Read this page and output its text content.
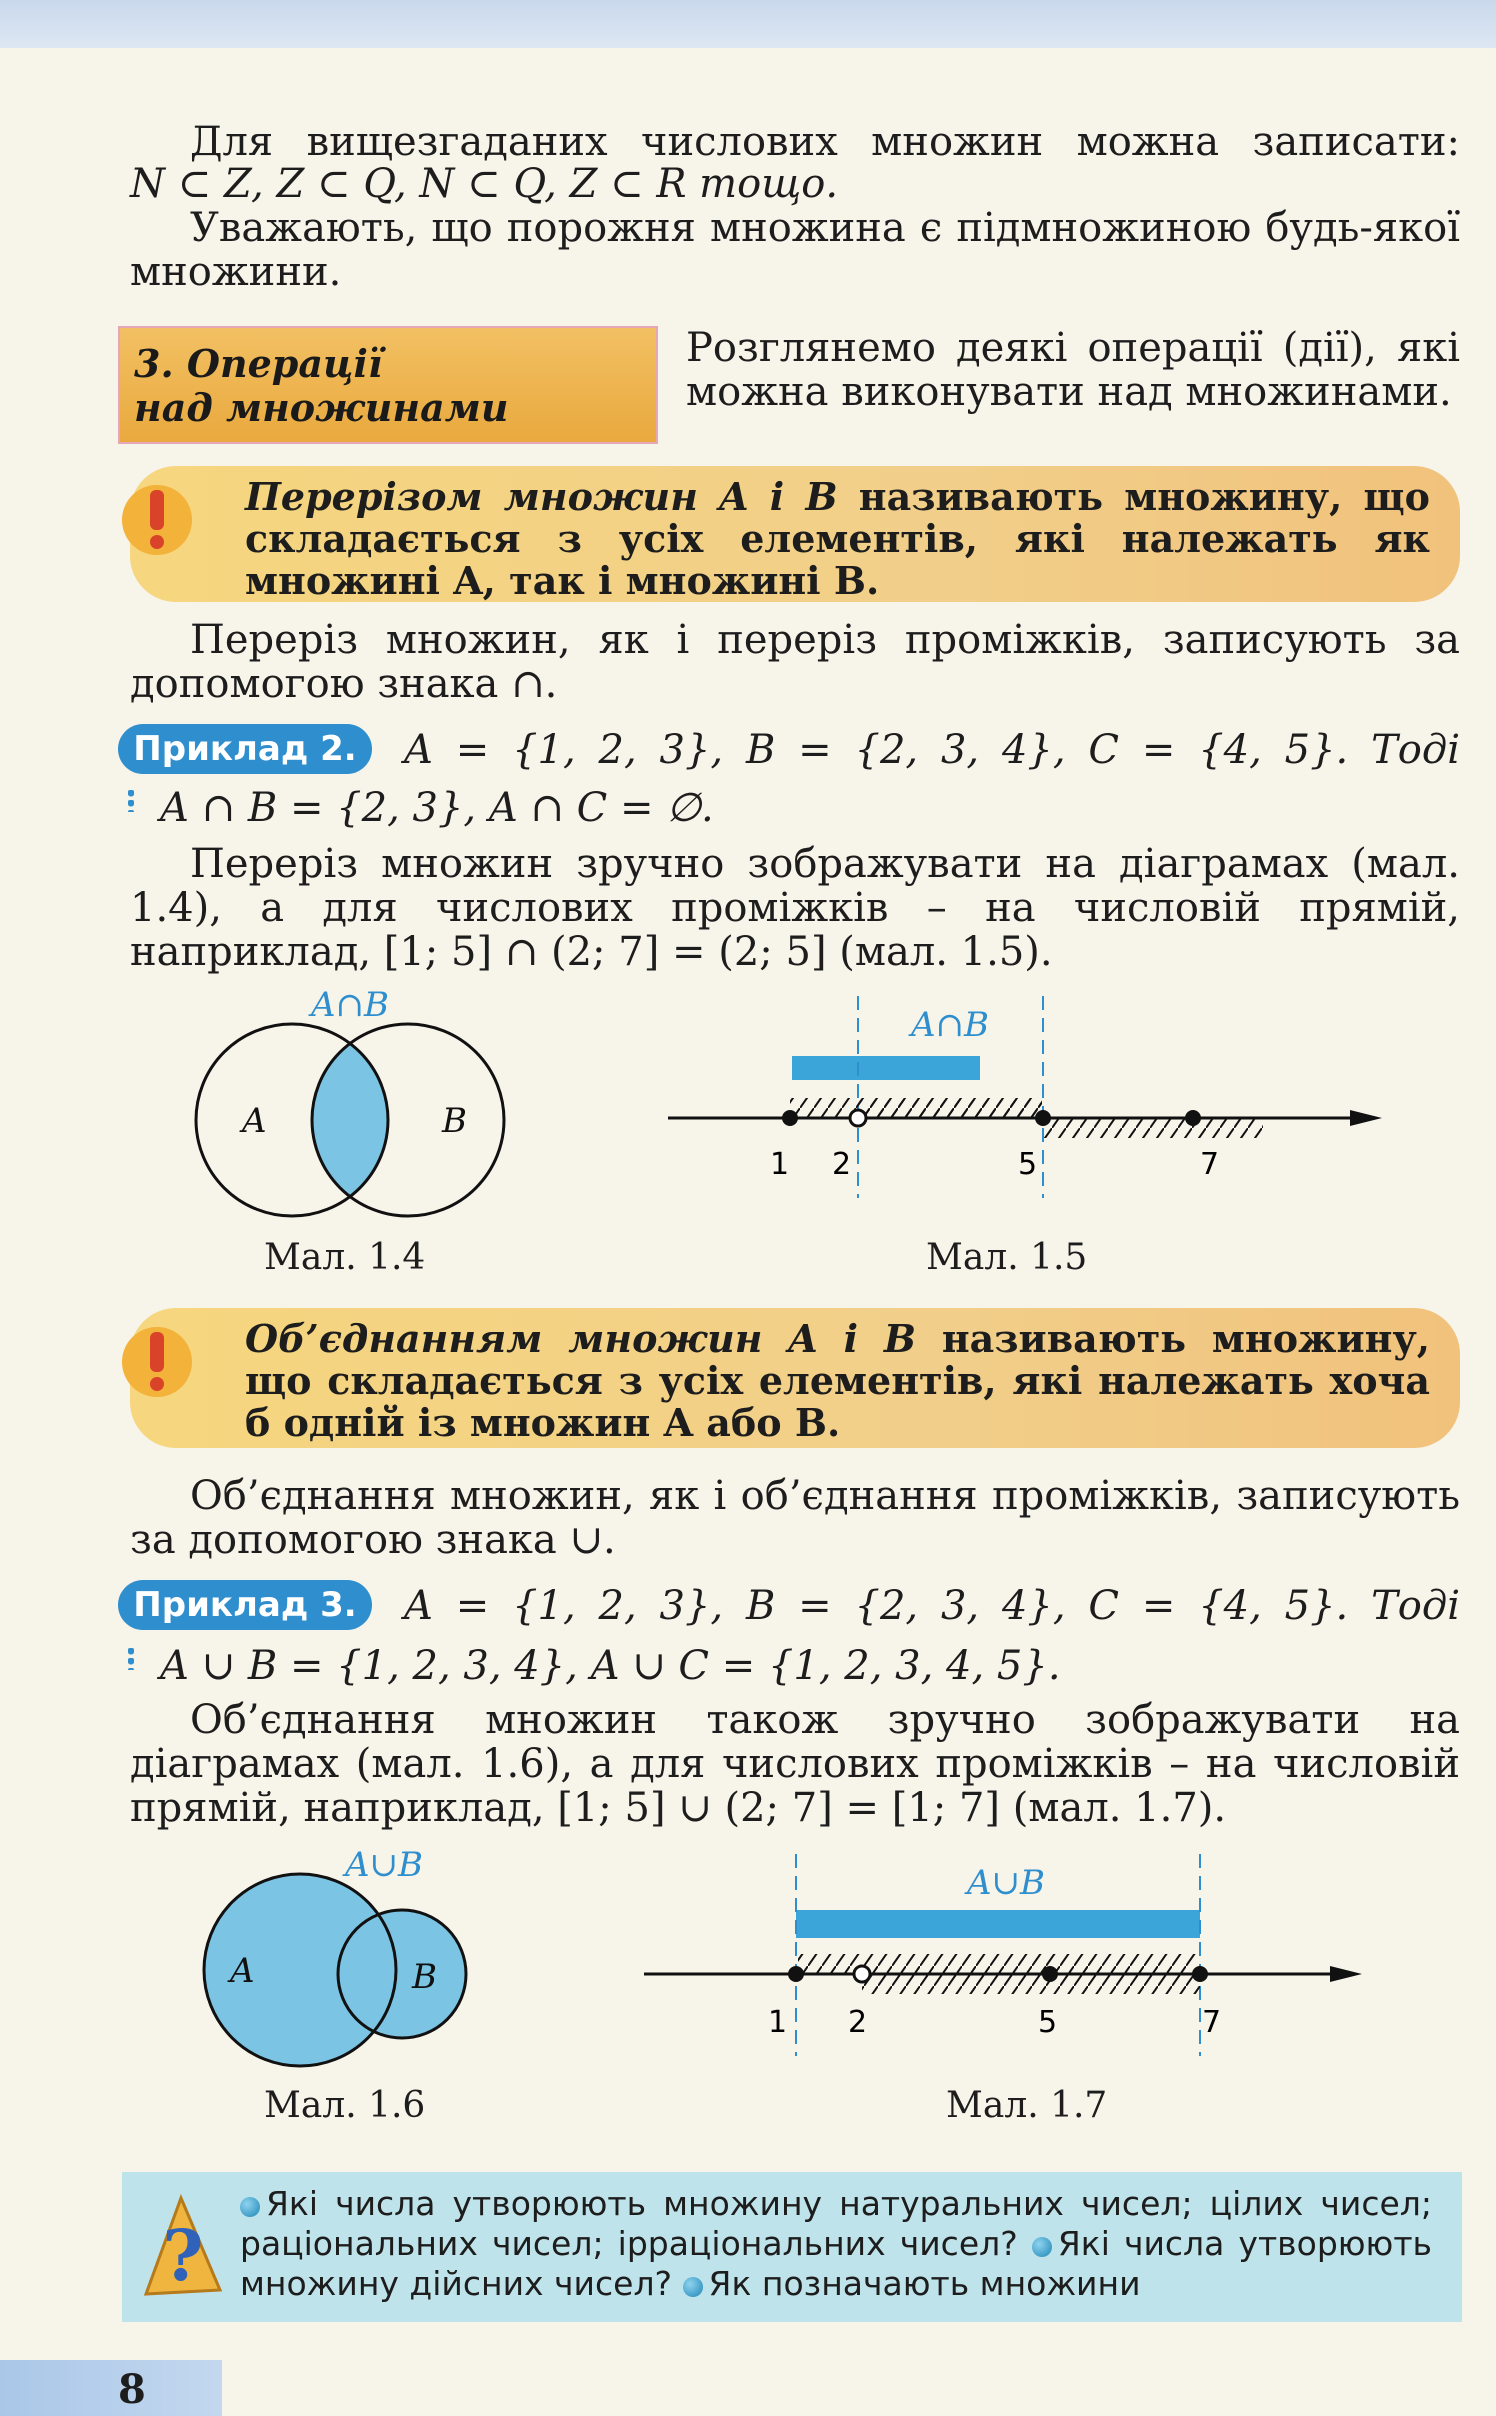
Для вищезгаданих числових множин можна записати:
N ⊂ Z, Z ⊂ Q, N ⊂ Q, Z ⊂ R тощо.
Уважають, що порожня множина є підмножиною будь-якої множини.
3. Операції
над множинами
Розглянемо деякі операції (дії), які можна виконувати над множинами.
Перерізом множин A і B називають множину, що складається з усіх елементів, які належать як множині A, так і множині B.
Переріз множин, як і переріз проміжків, записують за допомогою знака ∩.
Приклад 2.	A = {1, 2, 3}, B = {2, 3, 4}, C = {4, 5}. Тоді
A ∩ B = {2, 3}, A ∩ C = ∅.
Переріз множин зручно зображувати на діаграмах (мал. 1.4), а для числових проміжків – на числовій прямій, наприклад, [1; 5] ∩ (2; 7] = (2; 5] (мал. 1.5).
A∩B
A	B
Мал. 1.4
A∩B
1 2	5	7
Мал. 1.5
Об’єднанням множин A і B називають множину, що складається з усіх елементів, які належать хоча б одній із множин A або B.
Об’єднання множин, як і об’єднання проміжків, записують за допомогою знака ∪.
Приклад 3.	A = {1, 2, 3}, B = {2, 3, 4}, C = {4, 5}. Тоді
A ∪ B = {1, 2, 3, 4}, A ∪ C = {1, 2, 3, 4, 5}.
Об’єднання множин також зручно зображувати на діаграмах (мал. 1.6), а для числових проміжків – на числовій прямій, наприклад, [1; 5] ∪ (2; 7] = [1; 7] (мал. 1.7).
A∪B
A	B
Мал. 1.6
A∪B
1 2	5	7
Мал. 1.7
?
Які числа утворюють множину натуральних чисел; цілих чисел; раціональних чисел; ірраціональних чисел? Які числа утворюють множину дійсних чисел? Як позначають множини
8
